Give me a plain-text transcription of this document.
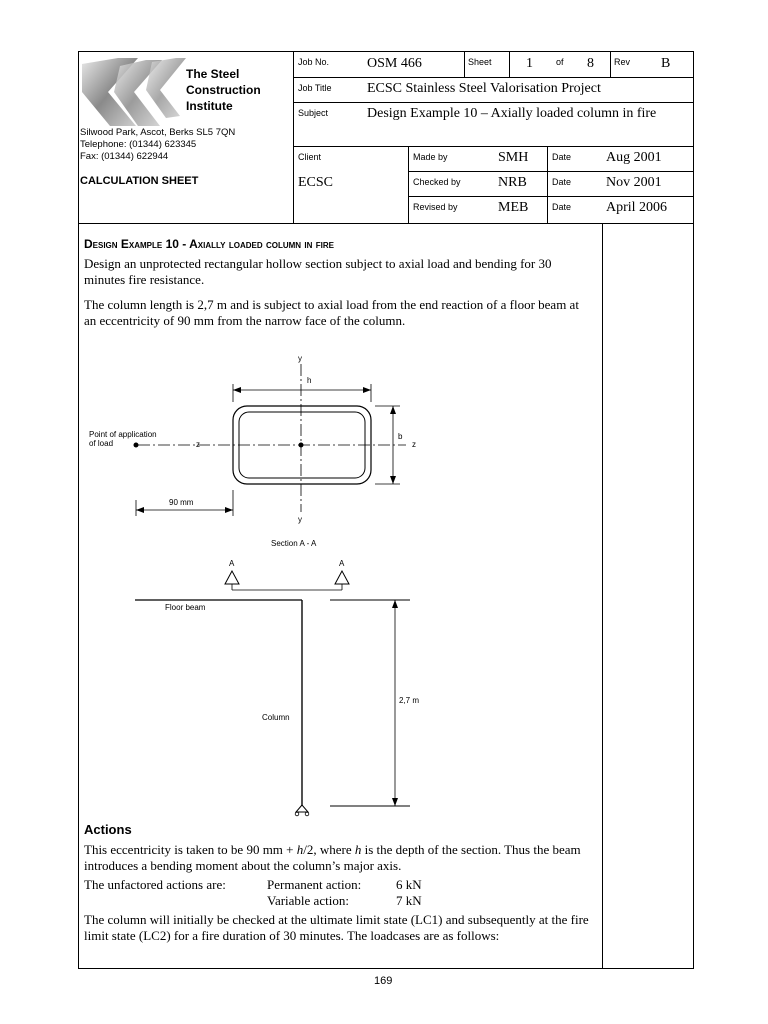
The Steel
Construction
Institute
Silwood Park, Ascot, Berks SL5 7QN
Telephone: (01344) 623345
Fax: (01344) 622944
CALCULATION SHEET
Job No.	OSM 466	Sheet 1	of 8 Rev B
Job Title	ECSC Stainless Steel Valorisation Project
Subject	Design Example 10 – Axially loaded column in fire
Client
ECSC
Made by	SMH	Date Aug 2001
Checked by	NRB	Date Nov 2001
Revised by	MEB	Date April 2006
Design Example 10 - Axially loaded column in fire
Design an unprotected rectangular hollow section subject to axial load and bending for 30 minutes fire resistance.
The column length is 2,7 m and is subject to axial load from the end reaction of a floor beam at an eccentricity of 90 mm from the narrow face of the column.
y
h
b
z	z
y
Point of application
of load
90 mm
Section A - A
A	A
Floor beam
Column
2,7 m
Actions
This eccentricity is taken to be 90 mm + h/2, where h is the depth of the section. Thus the beam introduces a bending moment about the column’s major axis.
The unfactored actions are:	Permanent action:	6 kN
Variable action:	7 kN
The column will initially be checked at the ultimate limit state (LC1) and subsequently at the fire limit state (LC2) for a fire duration of 30 minutes. The loadcases are as follows:
169
